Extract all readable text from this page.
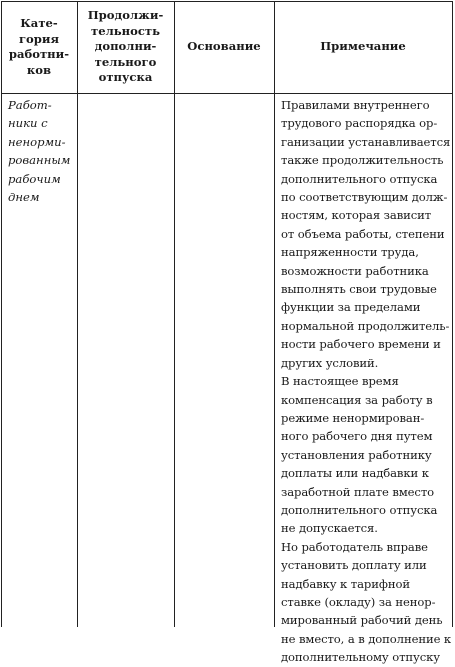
Кате-
гория
работни-
ков
Продолжи-
тельность
дополни-
тельного
отпуска
Основание	Примечание
Работ-
ники с
ненорми-
рованным
рабочим
днем
Правилами внутреннего
трудового распорядка ор-
ганизации устанавливается
также продолжительность
дополнительного отпуска
по соответствующим долж-
ностям, которая зависит
от объема работы, степени
напряженности труда,
возможности работника
выполнять свои трудовые
функции за пределами
нормальной продолжитель-
ности рабочего времени и
других условий.
В настоящее время
компенсация за работу в
режиме ненормирован-
ного рабочего дня путем
установления работнику
доплаты или надбавки к
заработной плате вместо
дополнительного отпуска
не допускается.
Но работодатель вправе
установить доплату или
надбавку к тарифной
ставке (окладу) за ненор-
мированный рабочий день
не вместо, а в дополнение к
дополнительному отпуску
